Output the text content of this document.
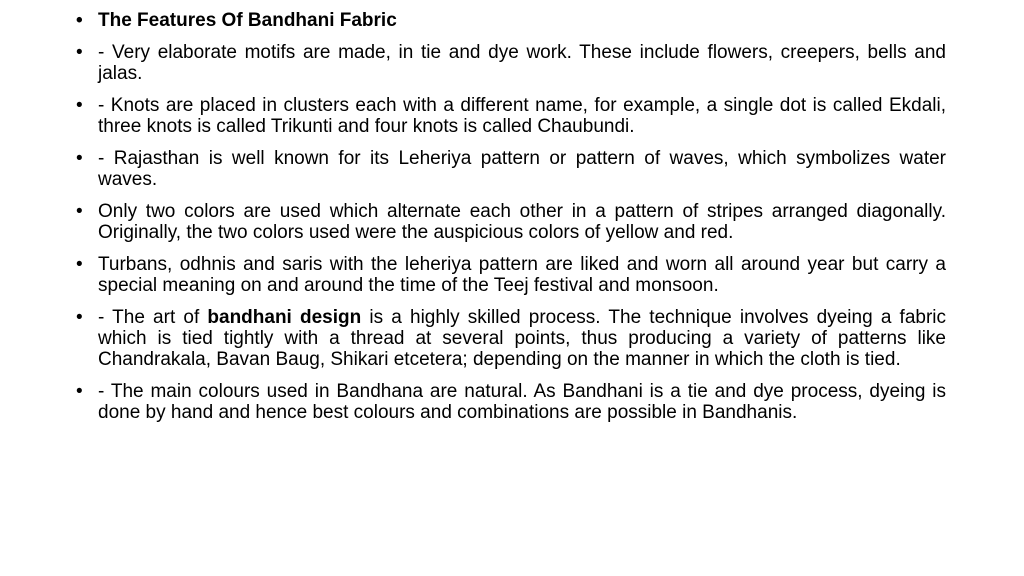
• The Features Of Bandhani Fabric
• - Very elaborate motifs are made, in tie and dye work. These include flowers, creepers, bells and jalas.
• - Knots are placed in clusters each with a different name, for example, a single dot is called Ekdali, three knots is called Trikunti and four knots is called Chaubundi.
• - Rajasthan is well known for its Leheriya pattern or pattern of waves, which symbolizes water waves.
• Only two colors are used which alternate each other in a pattern of stripes arranged diagonally. Originally, the two colors used were the auspicious colors of yellow and red.
• Turbans, odhnis and saris with the leheriya pattern are liked and worn all around year but carry a special meaning on and around the time of the Teej festival and monsoon.
• - The art of bandhani design is a highly skilled process. The technique involves dyeing a fabric which is tied tightly with a thread at several points, thus producing a variety of patterns like Chandrakala, Bavan Baug, Shikari etcetera; depending on the manner in which the cloth is tied.
• - The main colours used in Bandhana are natural. As Bandhani is a tie and dye process, dyeing is done by hand and hence best colours and combinations are possible in Bandhanis.
